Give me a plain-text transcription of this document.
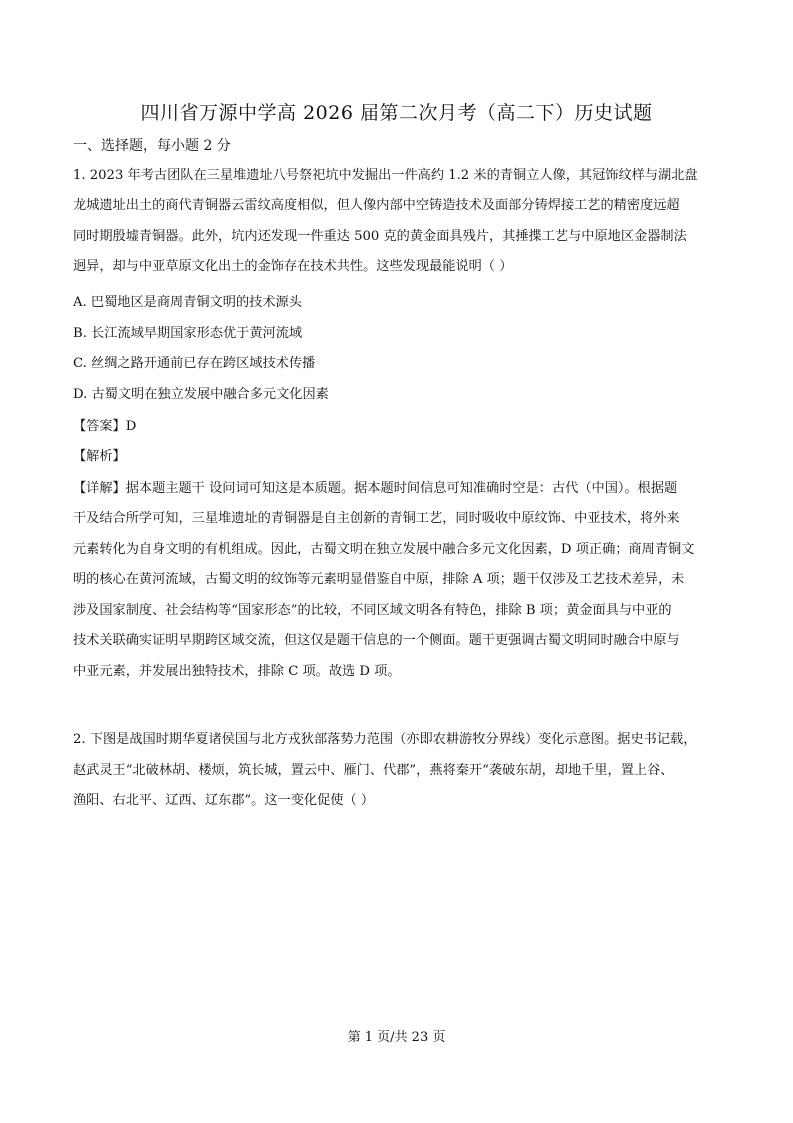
四川省万源中学高 2026 届第二次月考（高二下）历史试题
一、选择题，每小题 2 分
1. 2023 年考古团队在三星堆遗址八号祭祀坑中发掘出一件高约 1.2 米的青铜立人像，其冠饰纹样与湖北盘
龙城遗址出土的商代青铜器云雷纹高度相似，但人像内部中空铸造技术及面部分铸焊接工艺的精密度远超
同时期殷墟青铜器。此外，坑内还发现一件重达 500 克的黄金面具残片，其捶揲工艺与中原地区金器制法
迥异，却与中亚草原文化出土的金饰存在技术共性。这些发现最能说明（ ）
A. 巴蜀地区是商周青铜文明的技术源头
B. 长江流域早期国家形态优于黄河流域
C. 丝绸之路开通前已存在跨区域技术传播
D. 古蜀文明在独立发展中融合多元文化因素
【答案】D
【解析】
【详解】据本题主题干 设问词可知这是本质题。据本题时间信息可知准确时空是：古代（中国）。根据题
干及结合所学可知，三星堆遗址的青铜器是自主创新的青铜工艺，同时吸收中原纹饰、中亚技术，将外来
元素转化为自身文明的有机组成。因此，古蜀文明在独立发展中融合多元文化因素，D 项正确；商周青铜文
明的核心在黄河流域，古蜀文明的纹饰等元素明显借鉴自中原，排除 A 项；题干仅涉及工艺技术差异，未
涉及国家制度、社会结构等“国家形态”的比较，不同区域文明各有特色，排除 B 项；黄金面具与中亚的
技术关联确实证明早期跨区域交流，但这仅是题干信息的一个侧面。题干更强调古蜀文明同时融合中原与
中亚元素，并发展出独特技术，排除 C 项。故选 D 项。
2. 下图是战国时期华夏诸侯国与北方戎狄部落势力范围（亦即农耕游牧分界线）变化示意图。据史书记载，
赵武灵王“北破林胡、楼烦，筑长城，置云中、雁门、代郡”，燕将秦开“袭破东胡，却地千里，置上谷、
渔阳、右北平、辽西、辽东郡”。这一变化促使（ ）
第 1 页/共 23 页
